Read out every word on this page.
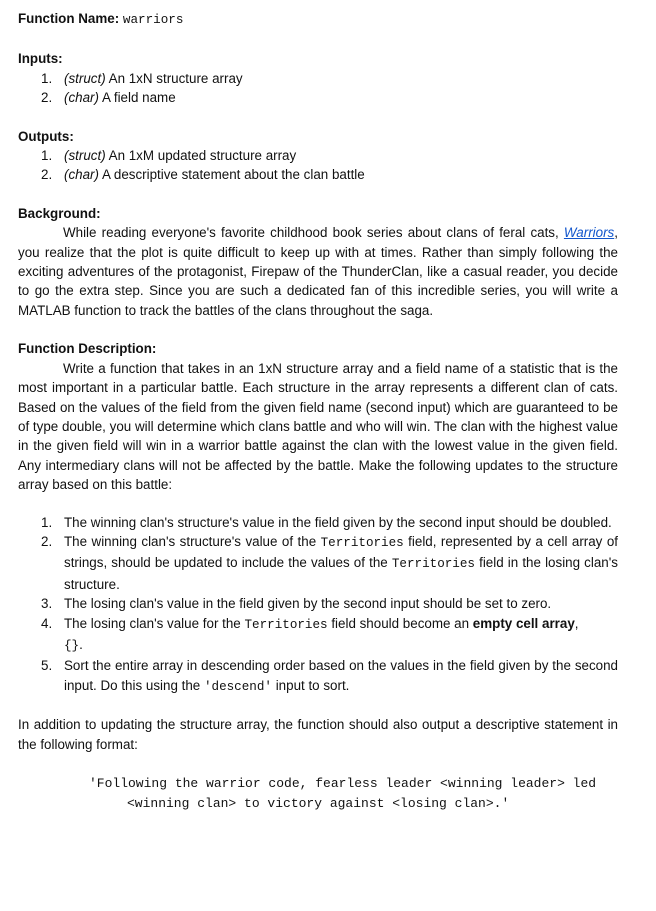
Function Name: warriors

Inputs:
1. (struct) An 1xN structure array
2. (char) A field name
Outputs:
1. (struct) An 1xM updated structure array
2. (char) A descriptive statement about the clan battle
Background:

While reading everyone's favorite childhood book series about clans of feral cats, Warriors, you realize that the plot is quite difficult to keep up with at times. Rather than simply following the exciting adventures of the protagonist, Firepaw of the ThunderClan, like a casual reader, you decide to go the extra step. Since you are such a dedicated fan of this incredible series, you will write a MATLAB function to track the battles of the clans throughout the saga.

Function Description:

Write a function that takes in an 1xN structure array and a field name of a statistic that is the most important in a particular battle. Each structure in the array represents a different clan of cats. Based on the values of the field from the given field name (second input) which are guaranteed to be of type double, you will determine which clans battle and who will win. The clan with the highest value in the given field will win in a warrior battle against the clan with the lowest value in the given field. Any intermediary clans will not be affected by the battle. Make the following updates to the structure array based on this battle:

1. The winning clan's structure's value in the field given by the second input should be doubled.
2. The winning clan's structure's value of the Territories field, represented by a cell array of strings, should be updated to include the values of the Territories field in the losing clan's structure.
3. The losing clan's value in the field given by the second input should be set to zero.
4. The losing clan's value for the Territories field should become an empty cell array,
{}.
5. Sort the entire array in descending order based on the values in the field given by the second input. Do this using the 'descend' input to sort.

In addition to updating the structure array, the function should also output a descriptive statement in the following format:

'Following the warrior code, fearless leader <winning leader> led
<winning clan> to victory against <losing clan>.'
